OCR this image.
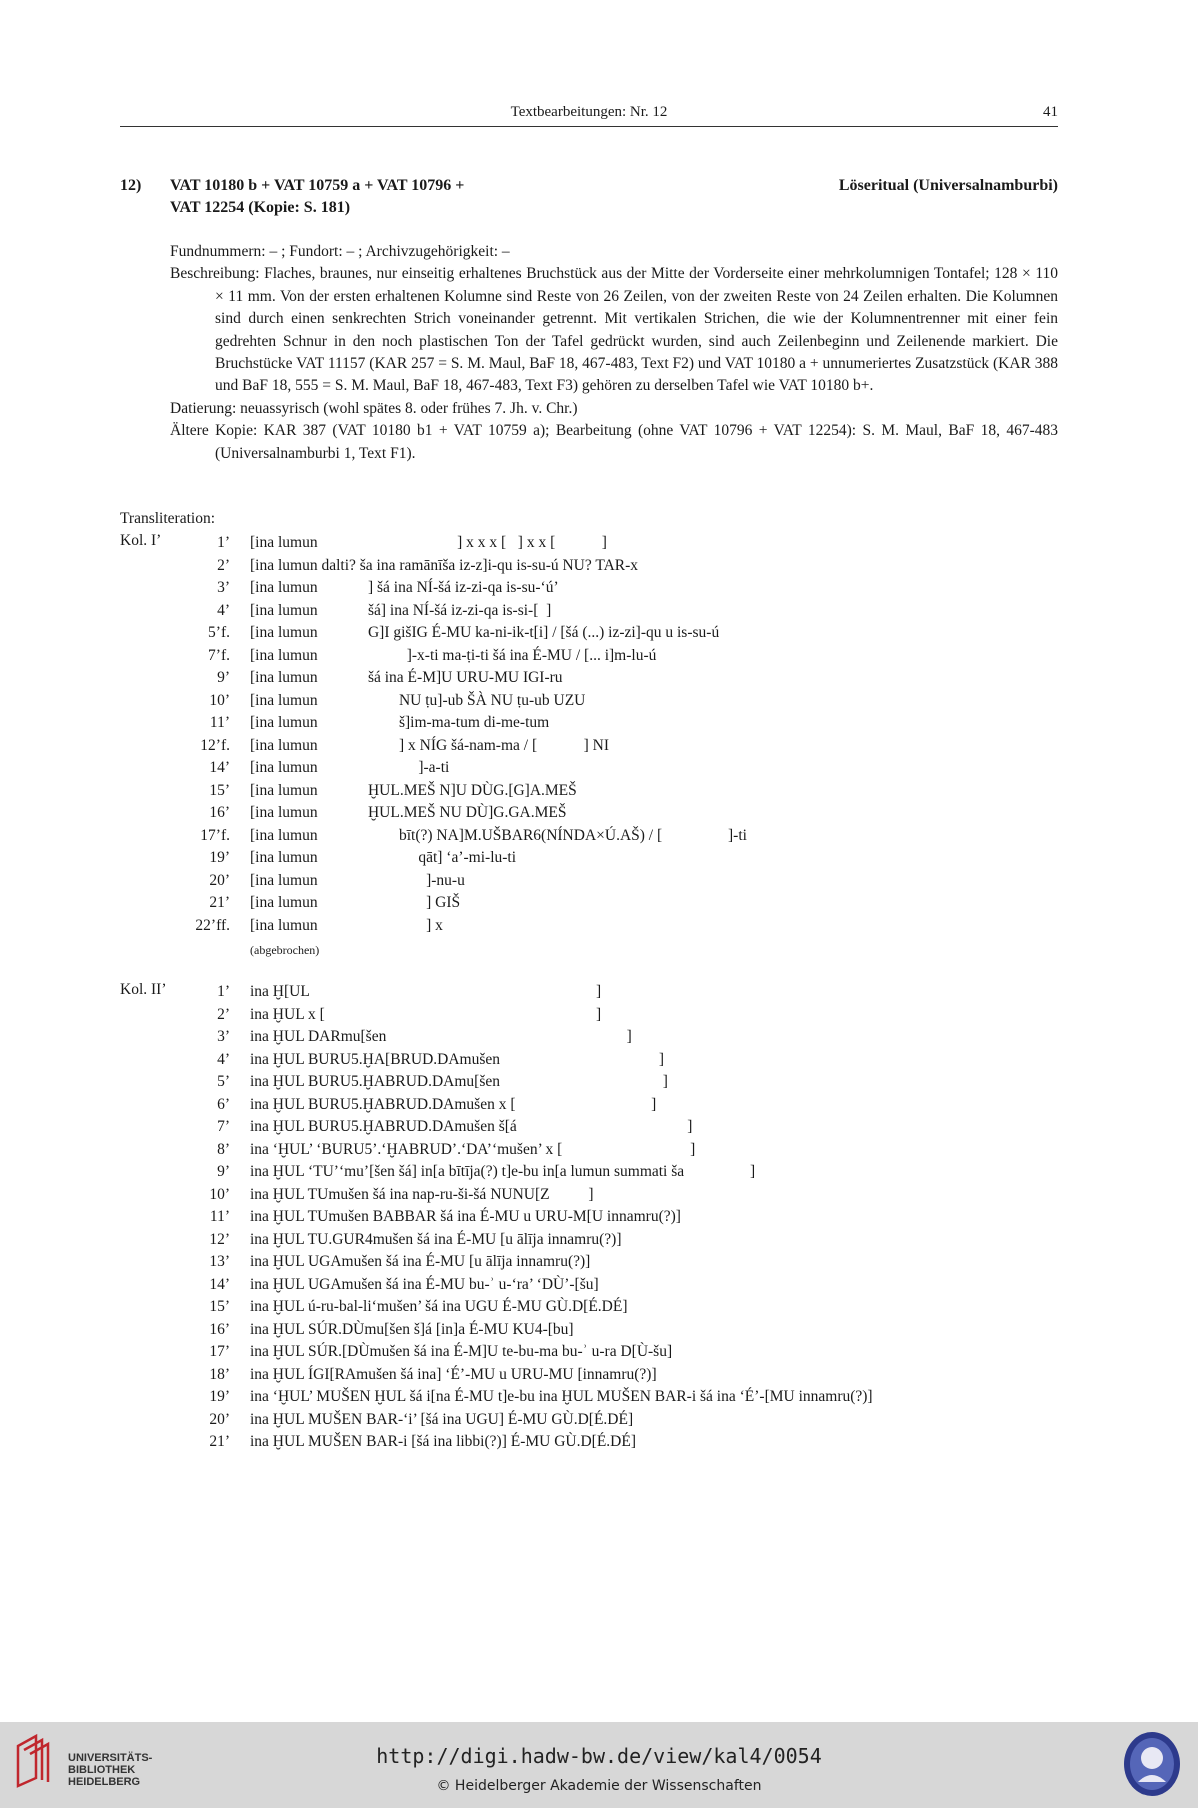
Textbearbeitungen: Nr. 12	41
12) VAT 10180 b + VAT 10759 a + VAT 10796 +
VAT 12254 (Kopie: S. 181)
Löseritual (Universalnamburbi)

Fundnummern: – ; Fundort: – ; Archivzugehörigkeit: –

Beschreibung: Flaches, braunes, nur einseitig erhaltenes Bruchstück aus der Mitte der Vorderseite einer mehrkolumnigen Tontafel; 128 × 110 × 11 mm. Von der ersten erhaltenen Kolumne sind Reste von 26 Zeilen, von der zweiten Reste von 24 Zeilen erhalten. Die Kolumnen sind durch einen senkrechten Strich voneinander getrennt. Mit vertikalen Strichen, die wie der Kolumnentrenner mit einer fein gedrehten Schnur in den noch plastischen Ton der Tafel gedrückt wurden, sind auch Zeilenbeginn und Zeilenende markiert. Die Bruchstücke VAT 11157 (KAR 257 = S. M. Maul, BaF 18, 467-483, Text F2) und VAT 10180 a + unnumeriertes Zusatzstück (KAR 388 und BaF 18, 555 = S. M. Maul, BaF 18, 467-483, Text F3) gehören zu derselben Tafel wie VAT 10180 b+.

Datierung: neuassyrisch (wohl spätes 8. oder frühes 7. Jh. v. Chr.)

Ältere Kopie: KAR 387 (VAT 10180 b1 + VAT 10759 a); Bearbeitung (ohne VAT 10796 + VAT 12254): S. M. Maul, BaF 18, 467-483 (Universalnamburbi 1, Text F1).

Transliteration:
Kol. I’	1’ [ina lumun                                    ] x x x [   ] x x [            ]
2’ [ina lumun dalti? ša ina ramānīša iz-z]i-qu is-su-ú NU? TAR-x
3’ [ina lumun             ] šá ina NÍ-šá iz-zi-qa is-su-‘ú’
4’ [ina lumun             šá] ina NÍ-šá iz-zi-qa is-si-[  ]
5’f. [ina lumun             G]I gišIG É-MU ka-ni-ik-t[i] / [šá (...) iz-zi]-qu u is-su-ú
7’f. [ina lumun                       ]-x-ti ma-ṭi-ti šá ina É-MU / [... i]m-lu-ú
9’ [ina lumun             šá ina É-M]U URU-MU IGI-ru
10’ [ina lumun                     NU ṭu]-ub ŠÀ NU ṭu-ub UZU
11’ [ina lumun                     š]im-ma-tum di-me-tum
12’f. [ina lumun                     ] x NÍG šá-nam-ma / [            ] NI
14’ [ina lumun                          ]-a-ti
15’ [ina lumun             ḪUL.MEŠ N]U DÙG.[G]A.MEŠ
16’ [ina lumun             ḪUL.MEŠ NU DÙ]G.GA.MEŠ
17’f. [ina lumun                     bīt(?) NA]M.UŠBAR6(NÍNDA×Ú.AŠ) / [                 ]-ti
19’ [ina lumun                          qāt] ‘a’-mi-lu-ti
20’ [ina lumun                            ]-nu-u
21’ [ina lumun                            ] GIŠ
22’ff. [ina lumun                            ] x
(abgebrochen)
Kol. II’	1’ ina Ḫ[UL                                                                          ]
2’ ina ḪUL x [                                                                      ]
3’ ina ḪUL DARmu[šen                                                              ]
4’ ina ḪUL BURU5.ḪA[BRUD.DAmušen                                         ]
5’ ina ḪUL BURU5.ḪABRUD.DAmu[šen                                          ]
6’ ina ḪUL BURU5.ḪABRUD.DAmušen x [                                   ]
7’ ina ḪUL BURU5.ḪABRUD.DAmušen š[á                                            ]
8’ ina ‘ḪUL’ ‘BURU5’.‘ḪABRUD’.‘DA’‘mušen’ x [                                 ]
9’ ina ḪUL ‘TU’‘mu’[šen šá] in[a bītīja(?) t]e-bu in[a lumun summati ša                 ]
10’ ina ḪUL TUmušen šá ina nap-ru-ši-šá NUNU[Z          ]
11’ ina ḪUL TUmušen BABBAR šá ina É-MU u URU-M[U innamru(?)]
12’ ina ḪUL TU.GUR4mušen šá ina É-MU [u ālīja innamru(?)]
13’ ina ḪUL UGAmušen šá ina É-MU [u ālīja innamru(?)]
14’ ina ḪUL UGAmušen šá ina É-MU bu-ʾ u-‘ra’ ‘DÙ’-[šu]
15’ ina ḪUL ú-ru-bal-li‘mušen’ šá ina UGU É-MU GÙ.D[É.DÉ]
16’ ina ḪUL SÚR.DÙmu[šen š]á [in]a É-MU KU4-[bu]
17’ ina ḪUL SÚR.[DÙmušen šá ina É-M]U te-bu-ma bu-ʾ u-ra D[Ù-šu]
18’ ina ḪUL ÍGI[RAmušen šá ina] ‘É’-MU u URU-MU [innamru(?)]
19’ ina ‘ḪUL’ MUŠEN ḪUL šá i[na É-MU t]e-bu ina ḪUL MUŠEN BAR-i šá ina ‘É’-[MU innamru(?)]
20’ ina ḪUL MUŠEN BAR-‘i’ [šá ina UGU] É-MU GÙ.D[É.DÉ]
21’ ina ḪUL MUŠEN BAR-i [šá ina libbi(?)] É-MU GÙ.D[É.DÉ]
UNIVERSITÄTS-BIBLIOTHEK HEIDELBERG
http://digi.hadw-bw.de/view/kal4/0054
© Heidelberger Akademie der Wissenschaften
